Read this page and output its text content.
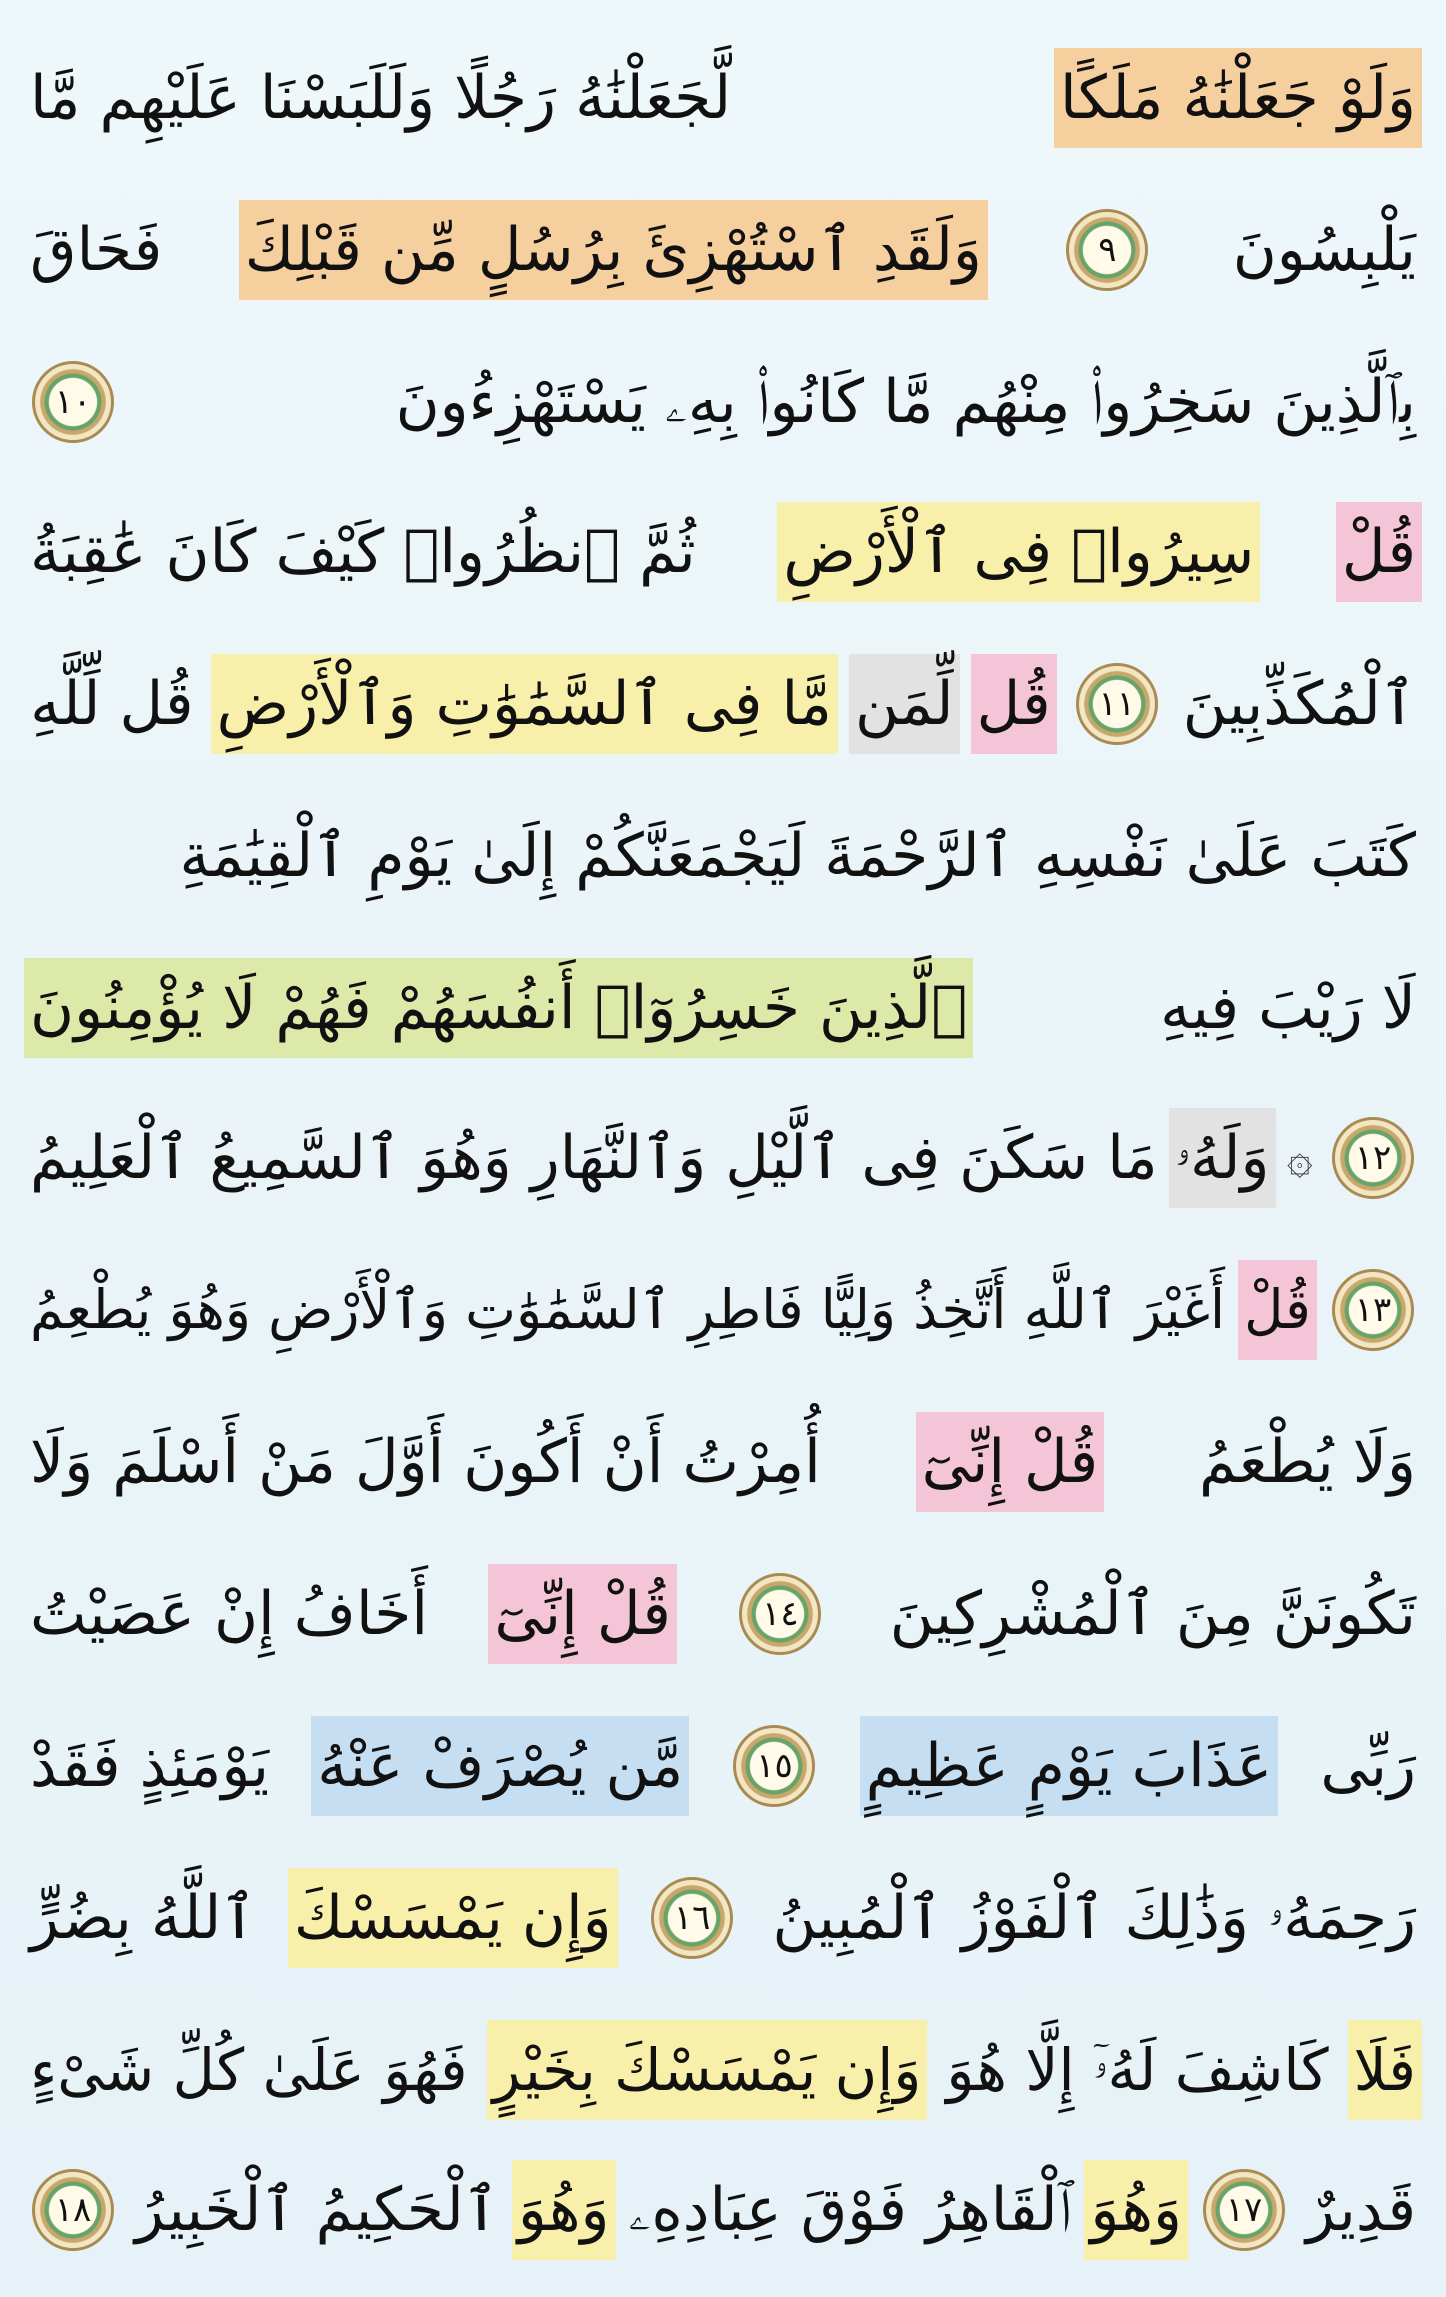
وَلَوْ جَعَلْنَٰهُ مَلَكًا
لَّجَعَلْنَٰهُ رَجُلًا وَلَلَبَسْنَا عَلَيْهِم مَّا
يَلْبِسُونَ
٩
وَلَقَدِ ٱسْتُهْزِئَ بِرُسُلٍ مِّن قَبْلِكَ
فَحَاقَ
بِٱلَّذِينَ سَخِرُوا۟ مِنْهُم مَّا كَانُوا۟ بِهِۦ يَسْتَهْزِءُونَ
١٠
قُلْ
سِيرُوا۟ فِى ٱلْأَرْضِ
ثُمَّ ٱنظُرُوا۟ كَيْفَ كَانَ عَٰقِبَةُ
ٱلْمُكَذِّبِينَ
١١
قُل
لِّمَن
مَّا فِى ٱلسَّمَٰوَٰتِ وَٱلْأَرْضِ
قُل لِّلَّهِ
كَتَبَ عَلَىٰ نَفْسِهِ ٱلرَّحْمَةَ لَيَجْمَعَنَّكُمْ إِلَىٰ يَوْمِ ٱلْقِيَٰمَةِ
لَا رَيْبَ فِيهِ
ٱلَّذِينَ خَسِرُوٓا۟ أَنفُسَهُمْ فَهُمْ لَا يُؤْمِنُونَ
١٢
۞
وَلَهُۥ
مَا سَكَنَ فِى ٱلَّيْلِ وَٱلنَّهَارِ وَهُوَ ٱلسَّمِيعُ ٱلْعَلِيمُ
١٣
قُلْ
أَغَيْرَ ٱللَّهِ أَتَّخِذُ وَلِيًّا فَاطِرِ ٱلسَّمَٰوَٰتِ وَٱلْأَرْضِ وَهُوَ يُطْعِمُ
وَلَا يُطْعَمُ
قُلْ إِنِّىٓ
أُمِرْتُ أَنْ أَكُونَ أَوَّلَ مَنْ أَسْلَمَ وَلَا
تَكُونَنَّ مِنَ ٱلْمُشْرِكِينَ
١٤
قُلْ إِنِّىٓ
أَخَافُ إِنْ عَصَيْتُ
رَبِّى
عَذَابَ يَوْمٍ عَظِيمٍ
١٥
مَّن يُصْرَفْ عَنْهُ
يَوْمَئِذٍ فَقَدْ
رَحِمَهُۥ وَذَٰلِكَ ٱلْفَوْزُ ٱلْمُبِينُ
١٦
وَإِن يَمْسَسْكَ
ٱللَّهُ بِضُرٍّ
فَلَا
كَاشِفَ لَهُۥٓ إِلَّا هُوَ
وَإِن يَمْسَسْكَ بِخَيْرٍ
فَهُوَ عَلَىٰ كُلِّ شَىْءٍ
قَدِيرٌ
١٧
وَهُوَ
ٱلْقَاهِرُ فَوْقَ عِبَادِهِۦ
وَهُوَ
ٱلْحَكِيمُ ٱلْخَبِيرُ
١٨
